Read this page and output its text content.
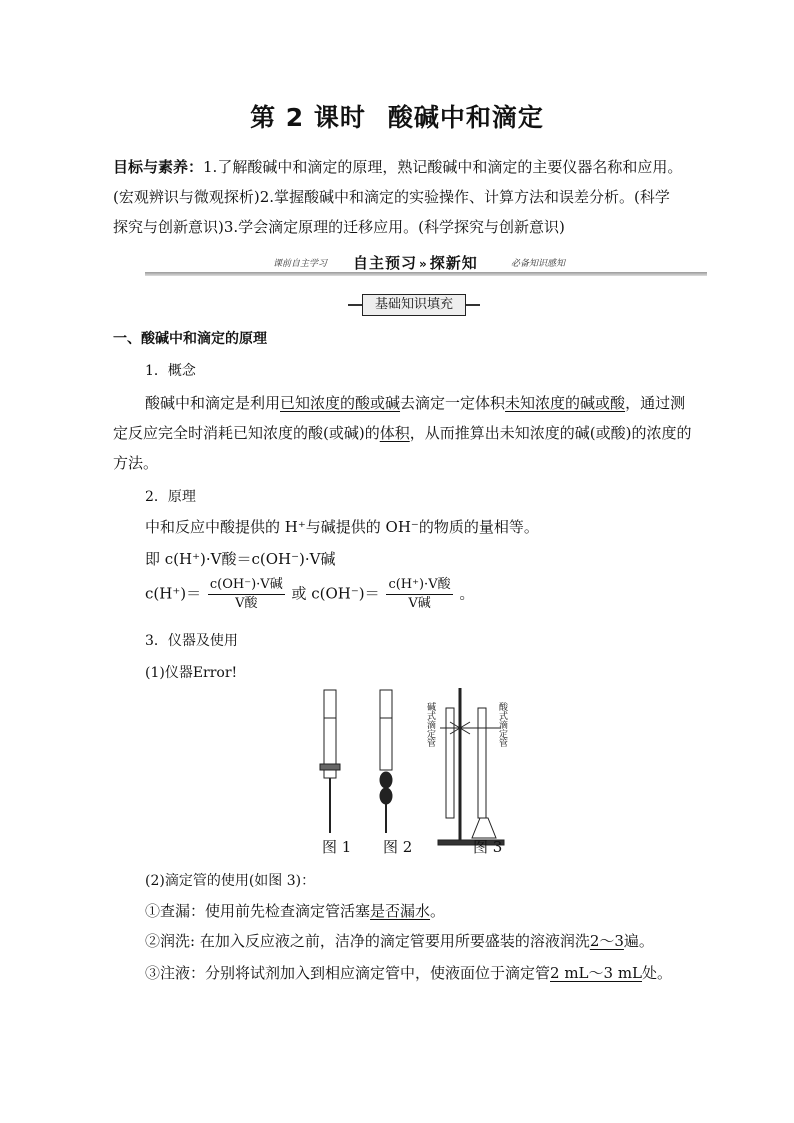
第 2 课时 酸碱中和滴定
目标与素养：1.了解酸碱中和滴定的原理，熟记酸碱中和滴定的主要仪器名称和应用。(宏观辨识与微观探析)2.掌握酸碱中和滴定的实验操作、计算方法和误差分析。(科学探究与创新意识)3.学会滴定原理的迁移应用。(科学探究与创新意识)
课前自主学习 自主预习 » 探新知	必备知识感知
基础知识填充
一、酸碱中和滴定的原理
1．概念
酸碱中和滴定是利用已知浓度的酸或碱去滴定一定体积未知浓度的碱或酸，通过测定反应完全时消耗已知浓度的酸(或碱)的体积，从而推算出未知浓度的碱(或酸)的浓度的方法。
2．原理
中和反应中酸提供的 H⁺与碱提供的 OH⁻的物质的量相等。
即 c(H⁺)·V酸＝c(OH⁻)·V碱
$c(H^+)= \frac{\text{c(OH⁻)·V碱}}{\text{V酸}}$ 或 $c(OH^-)= \frac{\text{c(H⁺)·V酸}}{\text{V碱}}$ 。
3．仪器及使用
(1)仪器Error!
碱式滴定管	酸式滴定管
图 1 图 2	图 3
(2)滴定管的使用(如图 3)：
①查漏：使用前先检查滴定管活塞是否漏水。
②润洗: 在加入反应液之前，洁净的滴定管要用所要盛装的溶液润洗2～3遍。
③注液：分别将试剂加入到相应滴定管中，使液面位于滴定管2 mL～3 mL处。
